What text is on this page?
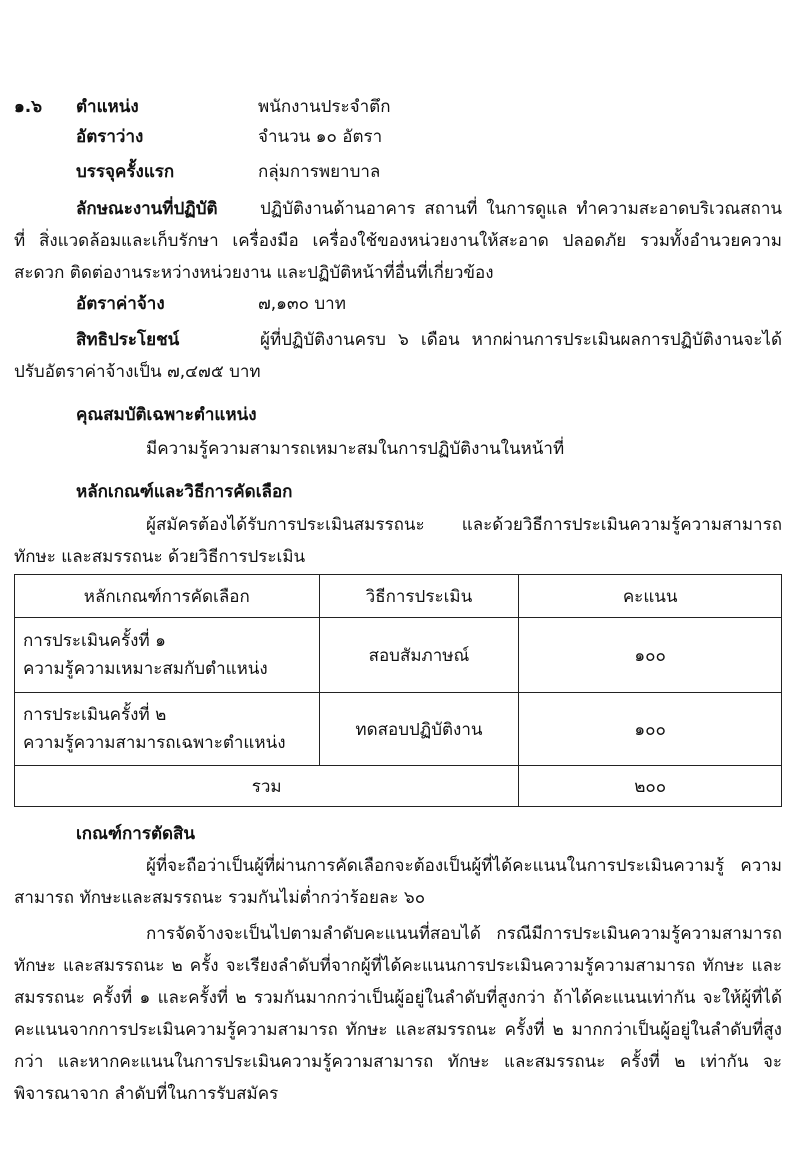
๑.๖ ตำแหน่ง	พนักงานประจำตึก
อัตราว่าง	จำนวน ๑๐ อัตรา
บรรจุครั้งแรก	กลุ่มการพยาบาล
ลักษณะงานที่ปฏิบัติ ปฏิบัติงานด้านอาคาร สถานที่ ในการดูแล ทำความสะอาดบริเวณสถานที่ สิ่งแวดล้อมและเก็บรักษา เครื่องมือ เครื่องใช้ของหน่วยงานให้สะอาด ปลอดภัย รวมทั้งอำนวยความสะดวก ติดต่องานระหว่างหน่วยงาน และปฏิบัติหน้าที่อื่นที่เกี่ยวข้อง
อัตราค่าจ้าง	๗,๑๓๐ บาท
สิทธิประโยชน์	ผู้ที่ปฏิบัติงานครบ ๖ เดือน หากผ่านการประเมินผลการปฏิบัติงานจะได้ ปรับอัตราค่าจ้างเป็น ๗,๔๗๕ บาท
คุณสมบัติเฉพาะตำแหน่ง
มีความรู้ความสามารถเหมาะสมในการปฏิบัติงานในหน้าที่
หลักเกณฑ์และวิธีการคัดเลือก
ผู้สมัครต้องได้รับการประเมินสมรรถนะ และด้วยวิธีการประเมินความรู้ความสามารถ ทักษะ และสมรรถนะ ด้วยวิธีการประเมิน
หลักเกณฑ์การคัดเลือก	วิธีการประเมิน	คะแนน

การประเมินครั้งที่ ๑
ความรู้ความเหมาะสมกับตำแหน่ง	สอบสัมภาษณ์	๑๐๐

การประเมินครั้งที่ ๒
ความรู้ความสามารถเฉพาะตำแหน่ง	ทดสอบปฏิบัติงาน	๑๐๐
รวม		๒๐๐
เกณฑ์การตัดสิน
ผู้ที่จะถือว่าเป็นผู้ที่ผ่านการคัดเลือกจะต้องเป็นผู้ที่ได้คะแนนในการประเมินความรู้ ความสามารถ ทักษะและสมรรถนะ รวมกันไม่ต่ำกว่าร้อยละ ๖๐
การจัดจ้างจะเป็นไปตามลำดับคะแนนที่สอบได้ กรณีมีการประเมินความรู้ความสามารถ ทักษะ และสมรรถนะ ๒ ครั้ง จะเรียงลำดับที่จากผู้ที่ได้คะแนนการประเมินความรู้ความสามารถ ทักษะ และ สมรรถนะ ครั้งที่ ๑ และครั้งที่ ๒ รวมกันมากกว่าเป็นผู้อยู่ในลำดับที่สูงกว่า ถ้าได้คะแนนเท่ากัน จะให้ผู้ที่ได้ คะแนนจากการประเมินความรู้ความสามารถ ทักษะ และสมรรถนะ ครั้งที่ ๒ มากกว่าเป็นผู้อยู่ในลำดับที่สูงกว่า และหากคะแนนในการประเมินความรู้ความสามารถ ทักษะ และสมรรถนะ ครั้งที่ ๒ เท่ากัน จะพิจารณาจาก ลำดับที่ในการรับสมัคร
